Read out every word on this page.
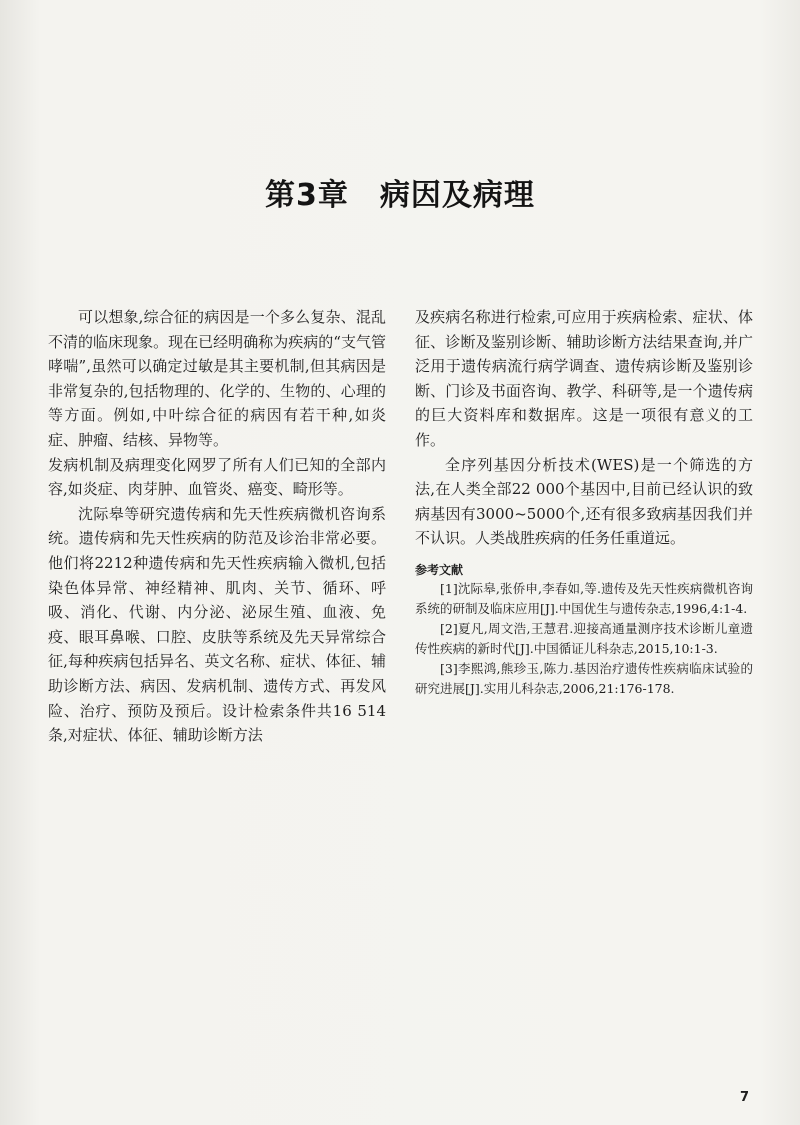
第3章　病因及病理

可以想象,综合征的病因是一个多么复杂、混乱不清的临床现象。现在已经明确称为疾病的“支气管哮喘”,虽然可以确定过敏是其主要机制,但其病因是非常复杂的,包括物理的、化学的、生物的、心理的等方面。例如,中叶综合征的病因有若干种,如炎症、肿瘤、结核、异物等。

发病机制及病理变化网罗了所有人们已知的全部内容,如炎症、肉芽肿、血管炎、癌变、畸形等。

沈际皋等研究遗传病和先天性疾病微机咨询系统。遗传病和先天性疾病的防范及诊治非常必要。他们将2212种遗传病和先天性疾病输入微机,包括染色体异常、神经精神、肌肉、关节、循环、呼吸、消化、代谢、内分泌、泌尿生殖、血液、免疫、眼耳鼻喉、口腔、皮肤等系统及先天异常综合征,每种疾病包括异名、英文名称、症状、体征、辅助诊断方法、病因、发病机制、遗传方式、再发风险、治疗、预防及预后。设计检索条件共16 514条,对症状、体征、辅助诊断方法

及疾病名称进行检索,可应用于疾病检索、症状、体征、诊断及鉴别诊断、辅助诊断方法结果查询,并广泛用于遗传病流行病学调查、遗传病诊断及鉴别诊断、门诊及书面咨询、教学、科研等,是一个遗传病的巨大资料库和数据库。这是一项很有意义的工作。

全序列基因分析技术(WES)是一个筛选的方法,在人类全部22 000个基因中,目前已经认识的致病基因有3000~5000个,还有很多致病基因我们并不认识。人类战胜疾病的任务任重道远。

参考文献

[1]沈际皋,张侨申,李春如,等.遗传及先天性疾病微机咨询系统的研制及临床应用[J].中国优生与遗传杂志,1996,4:1-4.

[2]夏凡,周文浩,王慧君.迎接高通量测序技术诊断儿童遗传性疾病的新时代[J].中国循证儿科杂志,2015,10:1-3.

[3]李熙鸿,熊珍玉,陈力.基因治疗遗传性疾病临床试验的研究进展[J].实用儿科杂志,2006,21:176-178.

7
